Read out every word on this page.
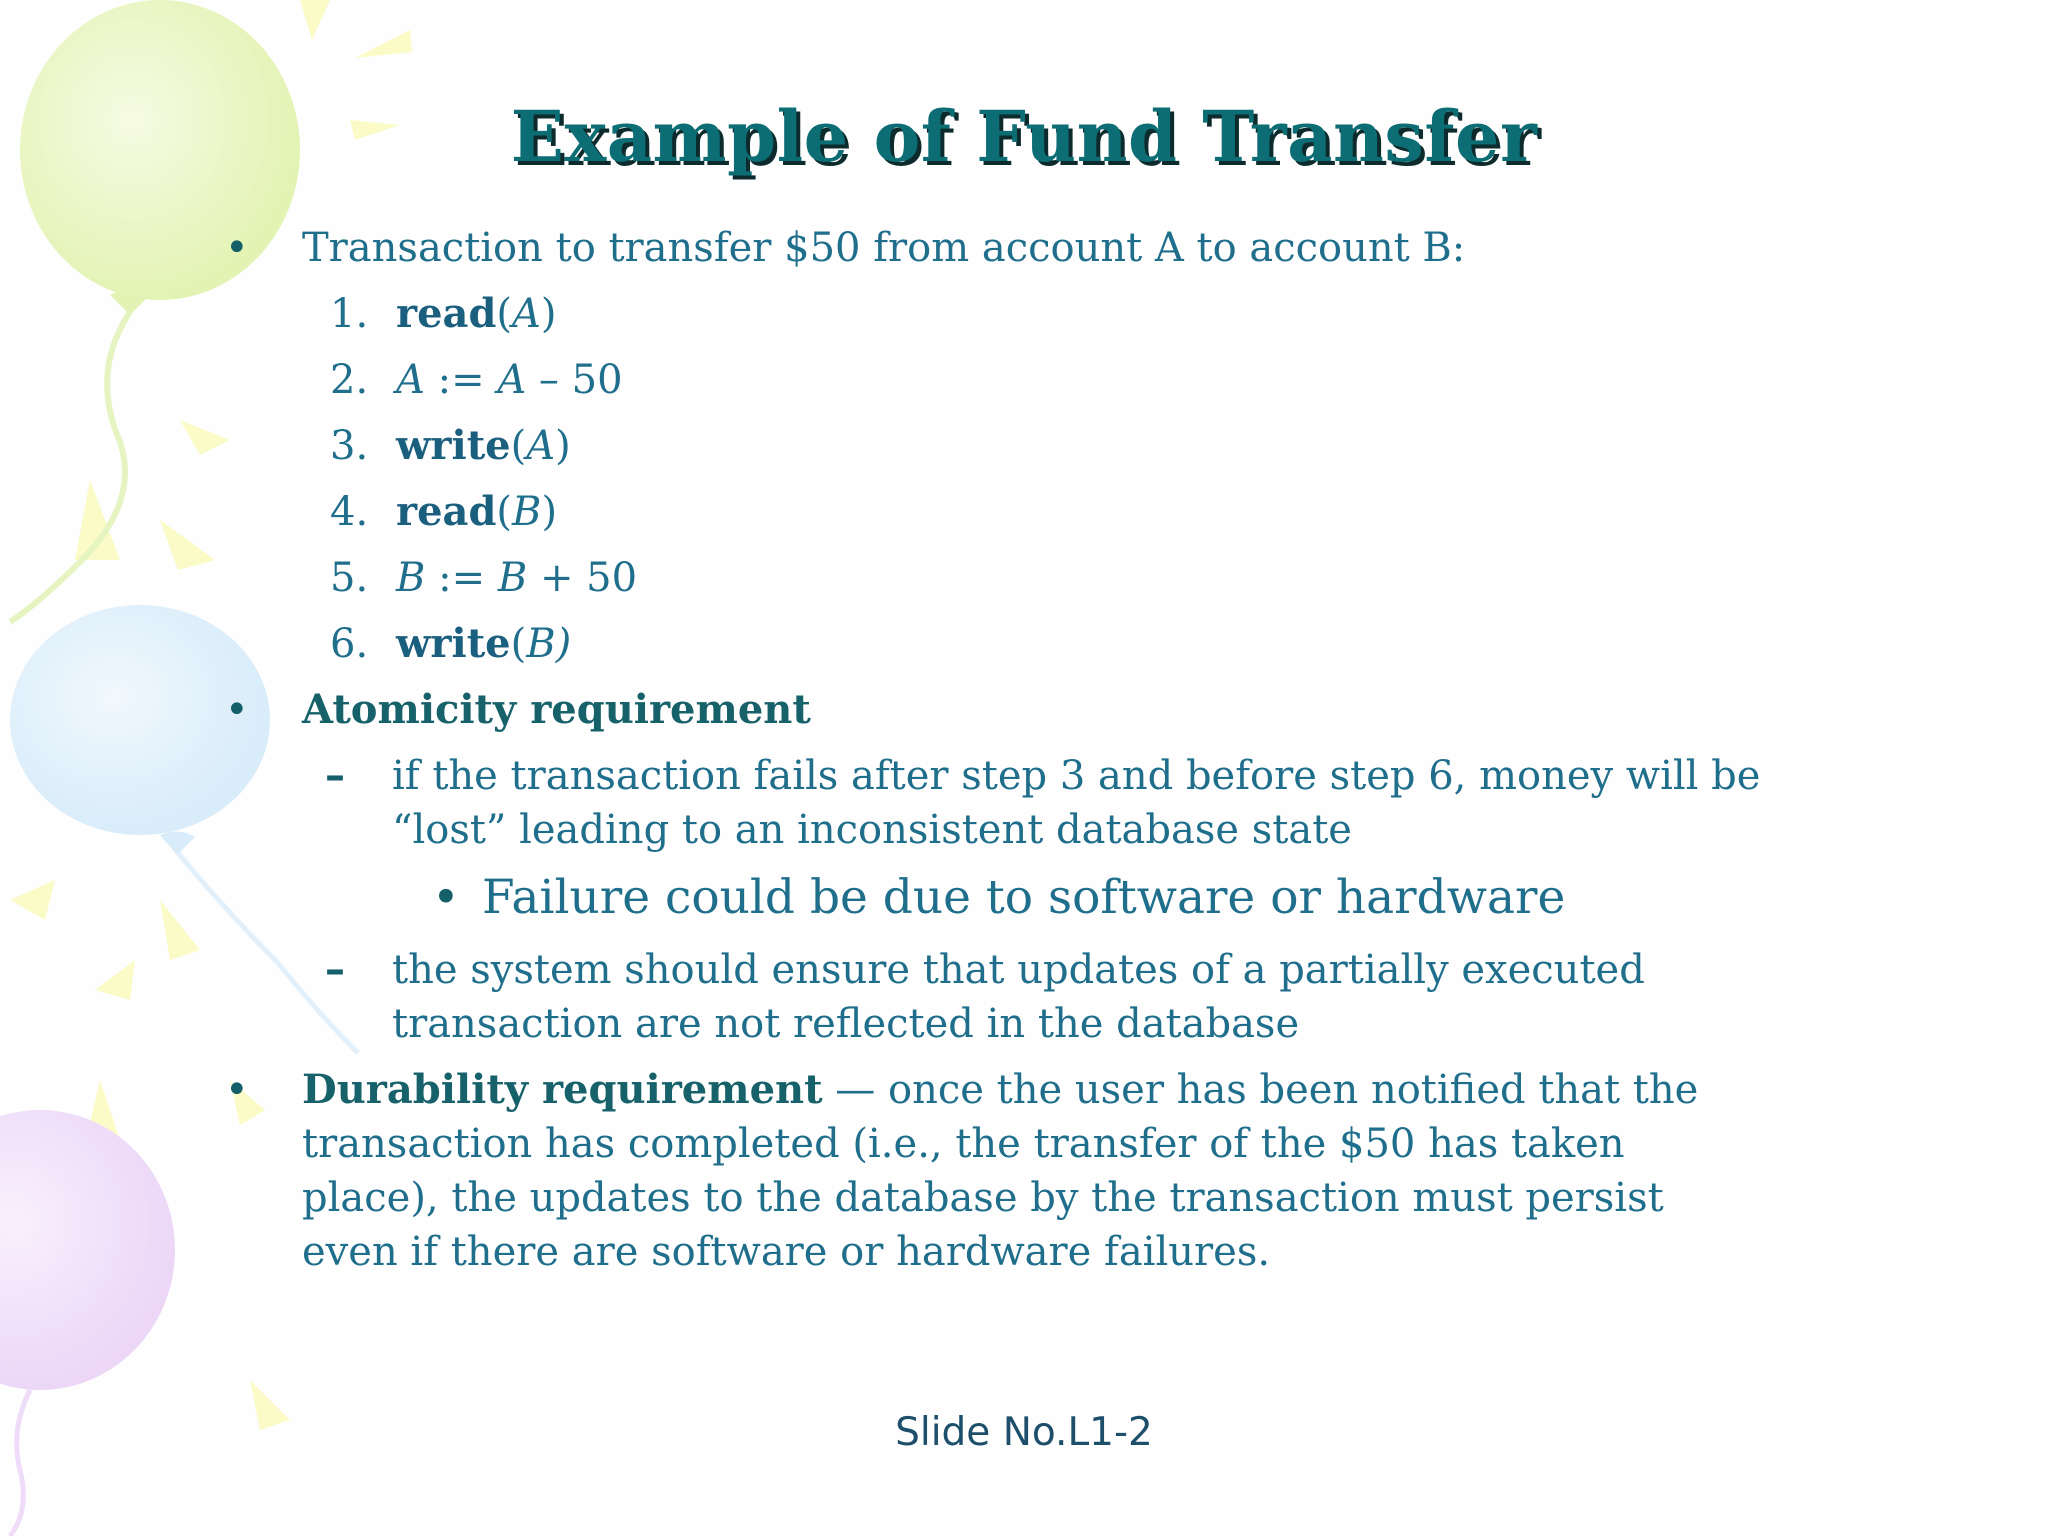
Example of Fund Transfer
• Transaction to transfer $50 from account A to account B:
1. read(A)
2. A := A – 50
3. write(A)
4. read(B)
5. B := B + 50
6. write(B)
• Atomicity requirement
– if the transaction fails after step 3 and before step 6, money will be
“lost” leading to an inconsistent database state
• Failure could be due to software or hardware
– the system should ensure that updates of a partially executed
transaction are not reflected in the database
• Durability requirement — once the user has been notified that the
transaction has completed (i.e., the transfer of the $50 has taken
place), the updates to the database by the transaction must persist
even if there are software or hardware failures.
Slide No.L1-2
